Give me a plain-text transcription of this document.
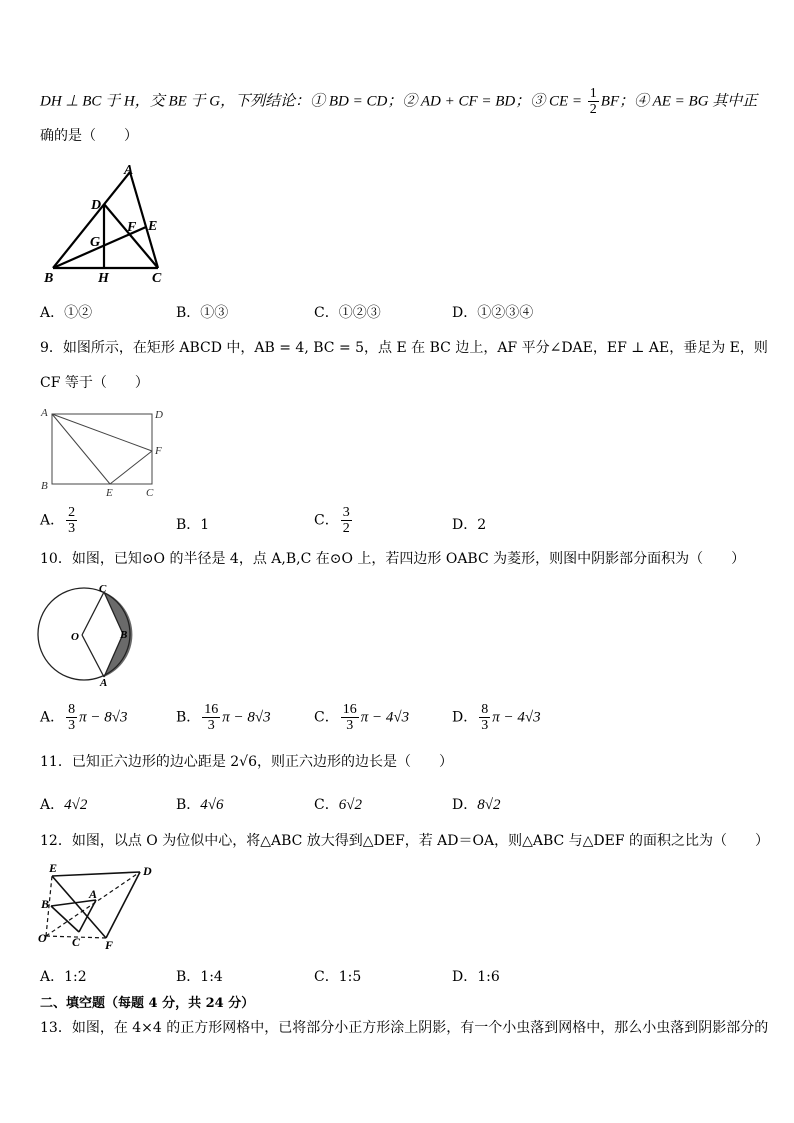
DH ⊥ BC 于 H，交 BE 于 G，下列结论：① BD = CD；② AD + CF = BD；③ CE = $\frac{1}{2}$ BF；④ AE = BG 其中正
确的是（　　）
A
D
E
F
G
B	H	C
A．①②	B．①③	C．①②③	D．①②③④
9．如图所示，在矩形 ABCD 中，AB = 4, BC = 5，点 E 在 BC 边上，AF 平分∠DAE，EF ⊥ AE，垂足为 E，则
CF 等于（　　）
A	D
F
B
E	C
A． $\frac{2}{3}$	B．1	C． $\frac{3}{2}$	D．2
10．如图，已知⊙O 的半径是 4，点 A,B,C 在⊙O 上，若四边形 OABC 为菱形，则图中阴影部分面积为（　　）
C
O	B
A
A． $\frac{8}{3}$ π − 8√3	B． $\frac{16}{3}$ π − 8√3	C． $\frac{16}{3}$ π − 4√3	D． $\frac{8}{3}$ π − 4√3
11．已知正六边形的边心距是 2√6，则正六边形的边长是（　　）
A．4√2	B．4√6	C．6√2	D．8√2
12．如图，以点 O 为位似中心，将△ABC 放大得到△DEF，若 AD＝OA，则△ABC 与△DEF 的面积之比为（　　）
E	D
A
B
O C F
A．1:2	B．1:4	C．1:5	D．1:6
二、填空题（每题 4 分，共 24 分）
13．如图，在 4×4 的正方形网格中，已将部分小正方形涂上阴影，有一个小虫落到网格中，那么小虫落到阴影部分的
